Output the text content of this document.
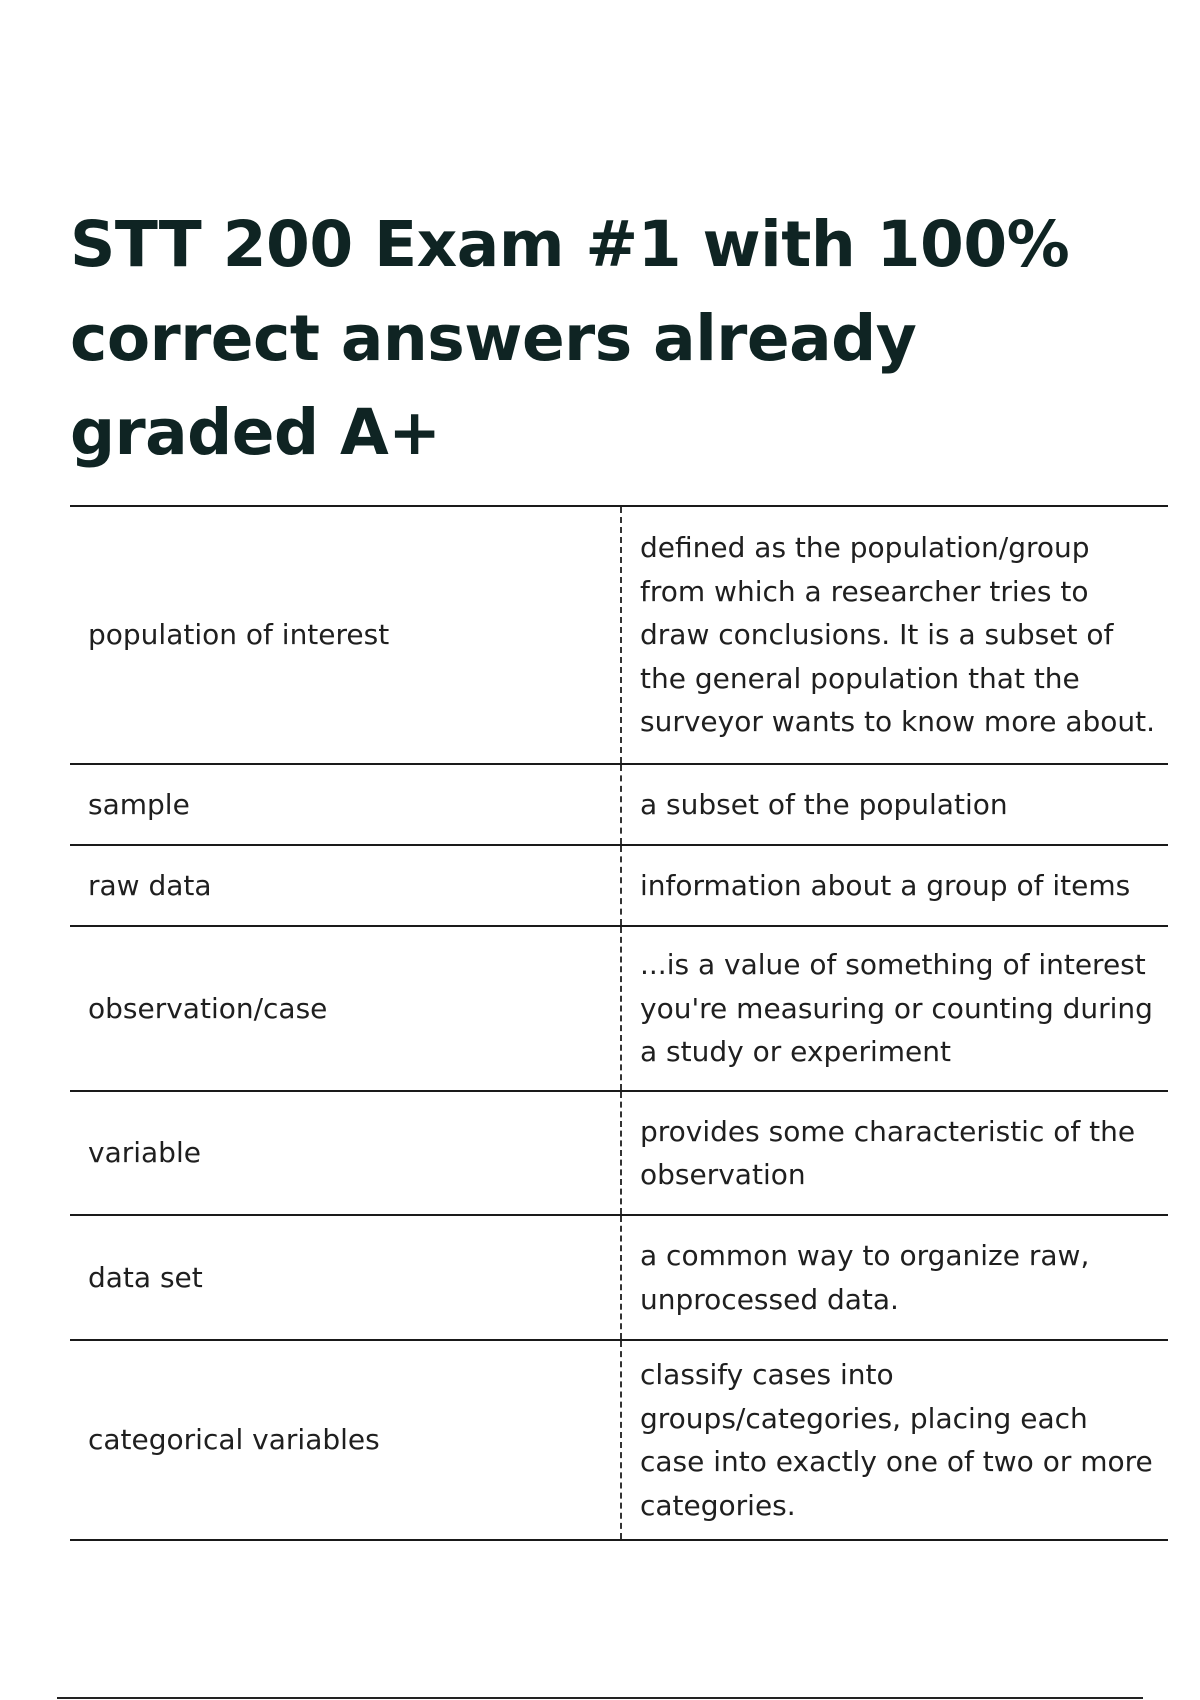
STT 200 Exam #1 with 100% correct answers already graded A+
population of interest	defined as the population/group from which a researcher tries to draw conclusions. It is a subset of the general population that the surveyor wants to know more about.
sample	a subset of the population
raw data	information about a group of items
observation/case	...is a value of something of interest you're measuring or counting during a study or experiment
variable	provides some characteristic of the observation
data set	a common way to organize raw, unprocessed data.
categorical variables	classify cases into groups/categories, placing each case into exactly one of two or more categories.
